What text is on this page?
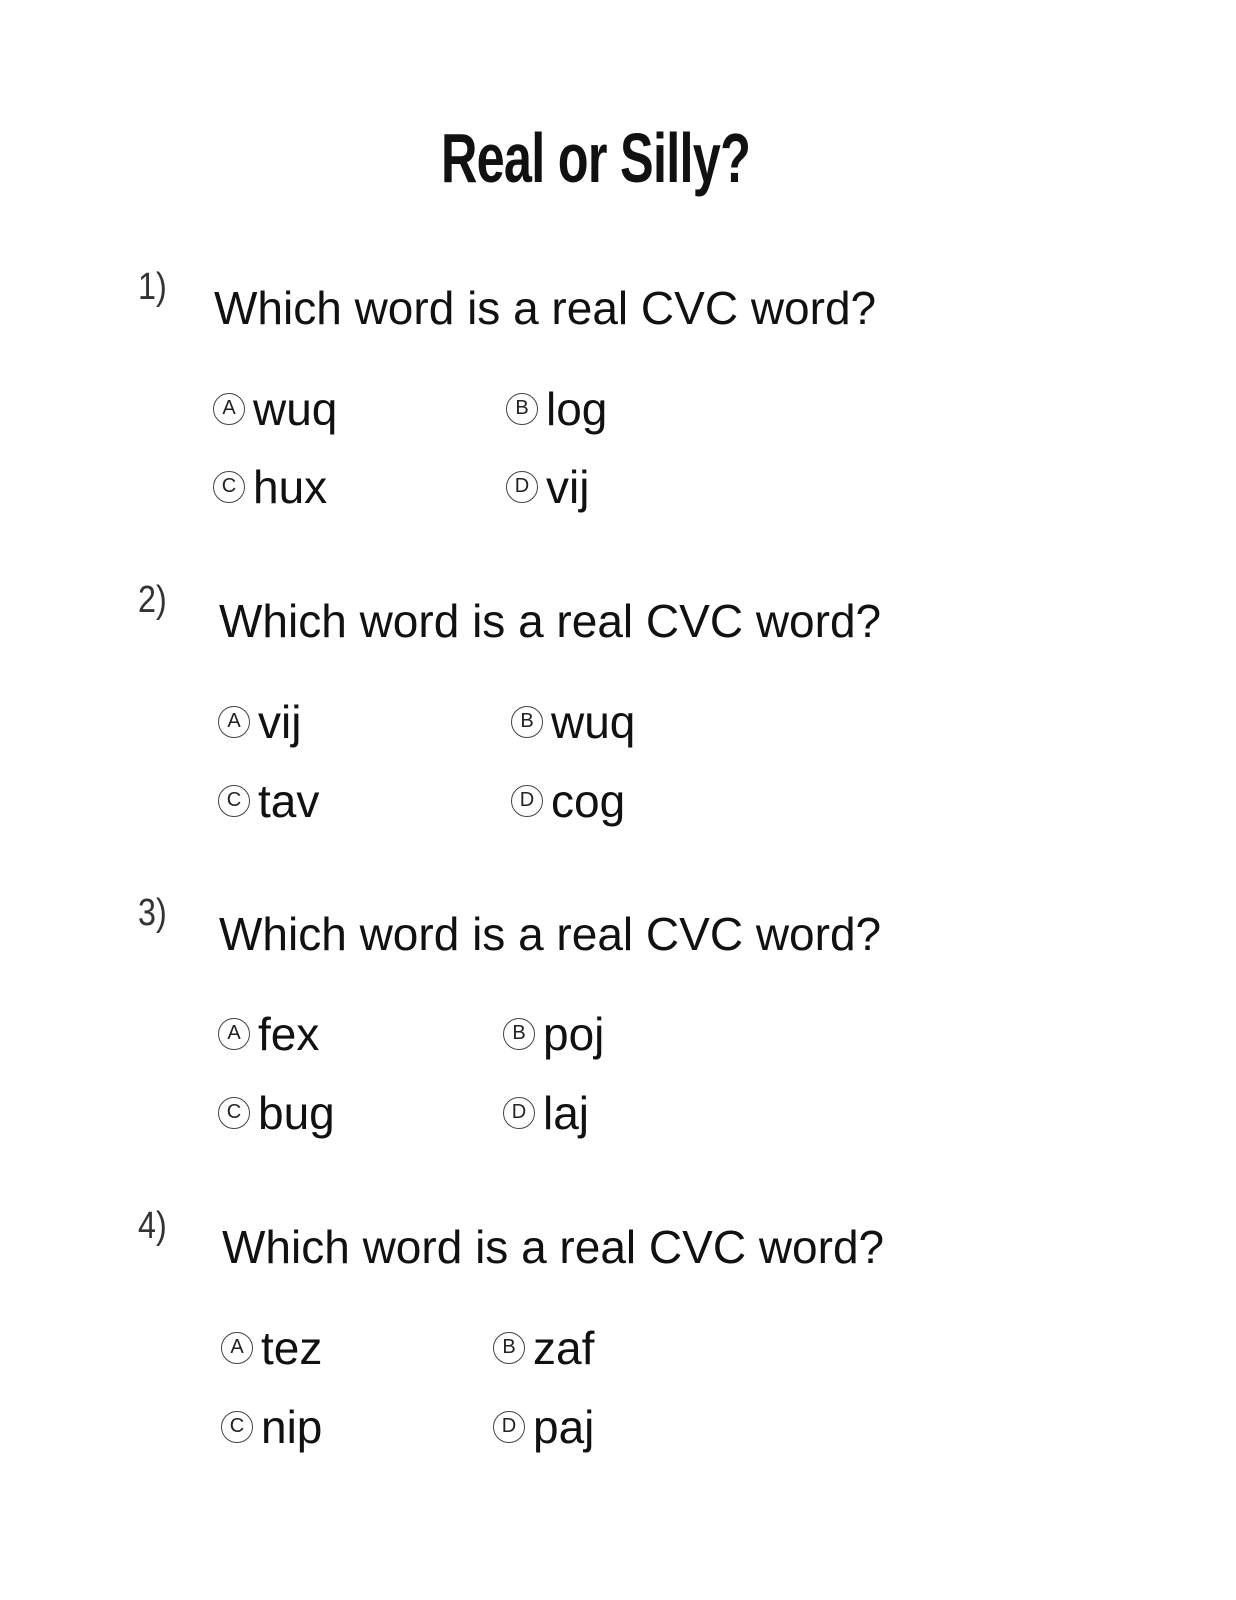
Real or Silly?
1) Which word is a real CVC word?
A wuq	B log
C hux	D vij
2) Which word is a real CVC word?
A vij	B wuq
C tav	D cog
3) Which word is a real CVC word?
A fex	B poj
C bug	D laj
4) Which word is a real CVC word?
A tez	B zaf
C nip	D paj
